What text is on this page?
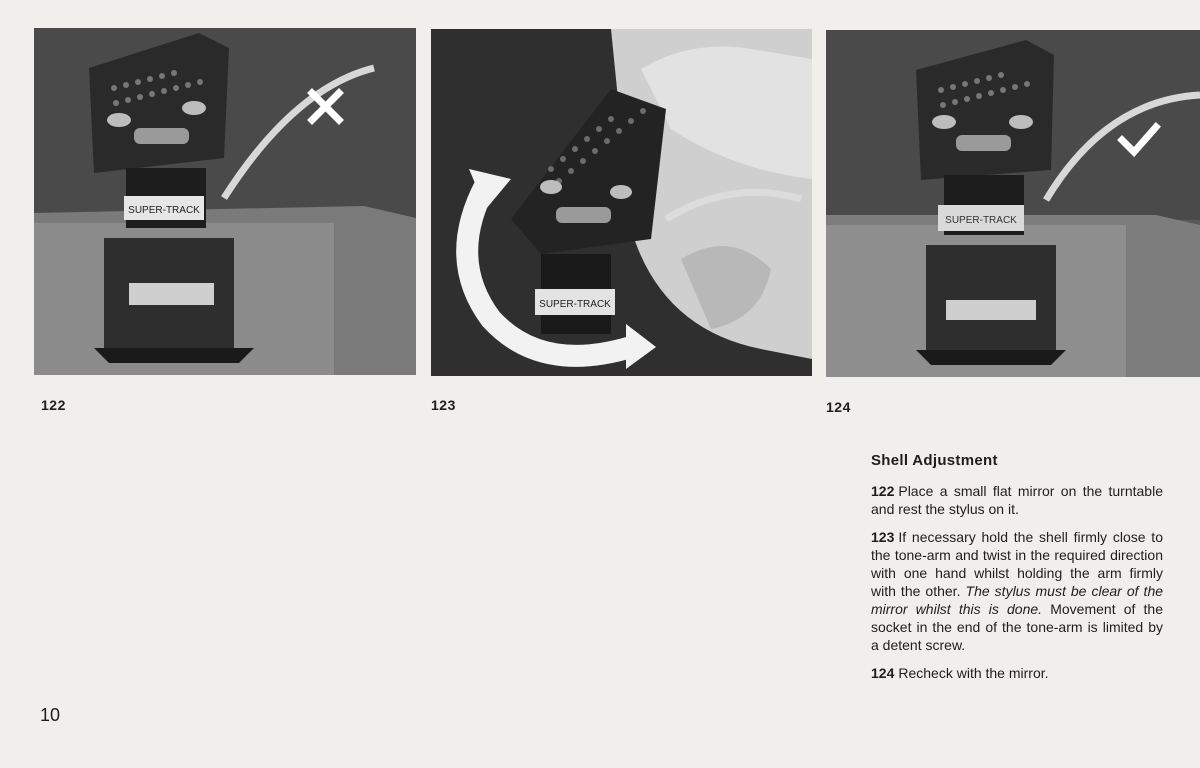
SUPER-TRACK
SUPER-TRACK
SUPER-TRACK
122	123	124
Shell Adjustment

122 Place a small flat mirror on the turntable and rest the stylus on it.

123 If necessary hold the shell firmly close to the tone-arm and twist in the required direction with one hand whilst holding the arm firmly with the other. The stylus must be clear of the mirror whilst this is done. Movement of the socket in the end of the tone-arm is limited by a detent screw.

124 Recheck with the mirror.

10
